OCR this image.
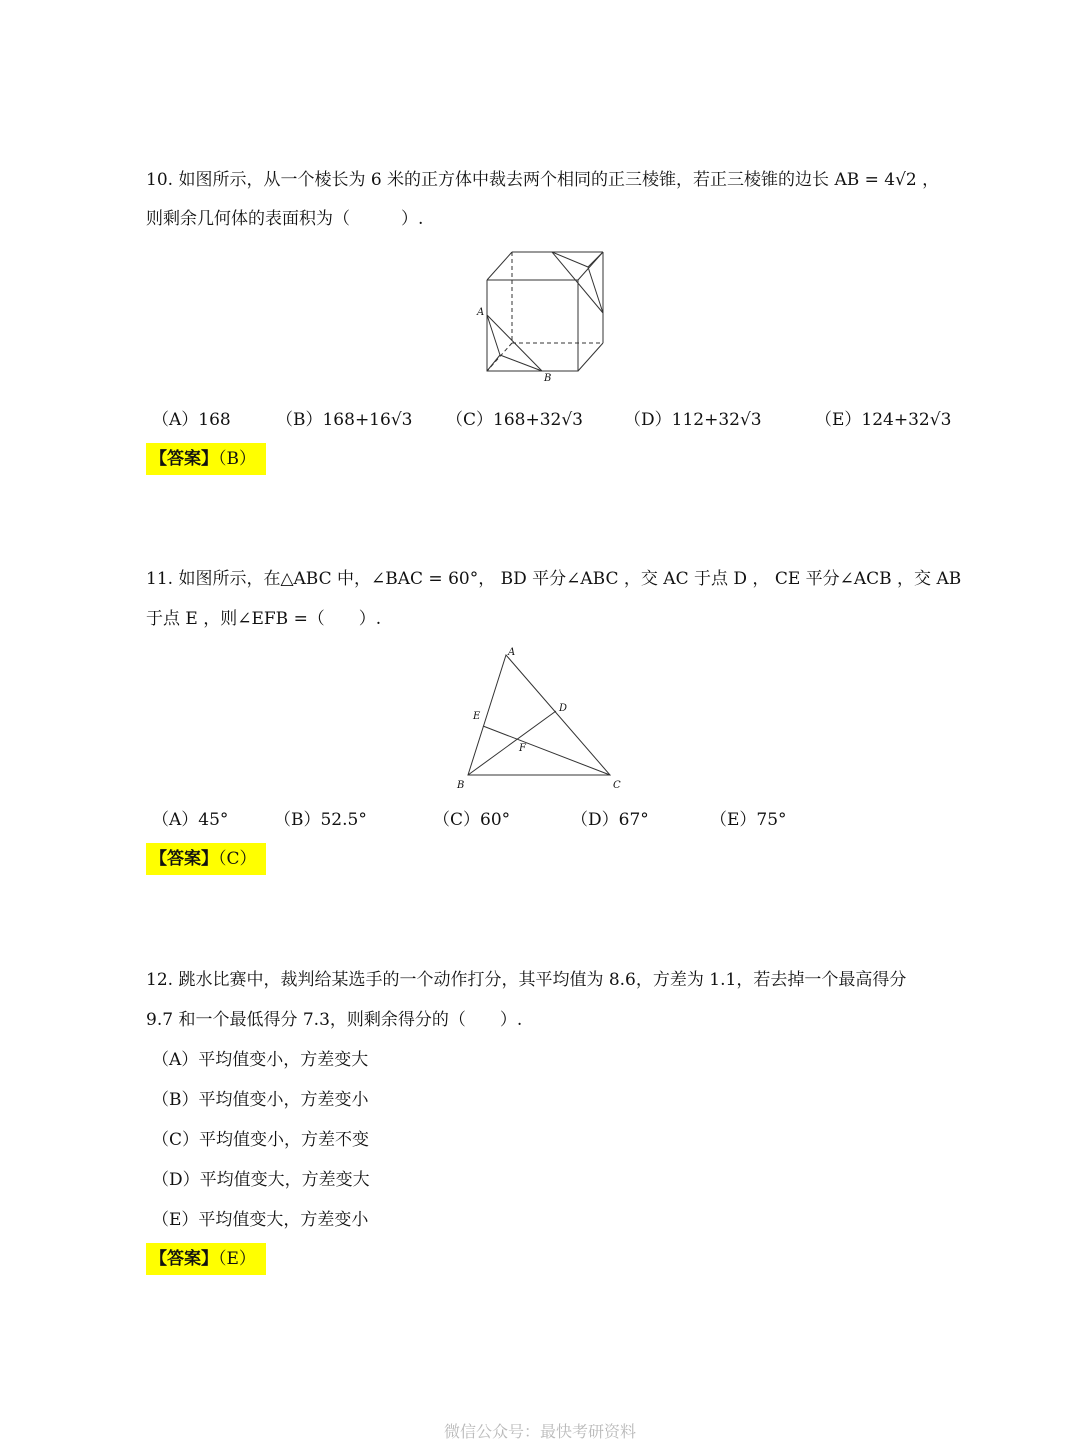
10. 如图所示，从一个棱长为 6 米的正方体中裁去两个相同的正三棱锥，若正三棱锥的边长 AB = 4√2 ，
则剩余几何体的表面积为（　　　）.
A
B
（A）168	（B）168+16√3 （C）168+32√3 （D）112+32√3	（E）124+32√3
【答案】（B）
11. 如图所示，在△ABC 中，∠BAC = 60°， BD 平分∠ABC ，交 AC 于点 D ， CE 平分∠ACB ，交 AB
于点 E ，则∠EFB =（　　）.
A
B	C
D
E
F
（A）45°	（B）52.5°	（C）60°	（D）67°	（E）75°
【答案】（C）
12. 跳水比赛中，裁判给某选手的一个动作打分，其平均值为 8.6，方差为 1.1，若去掉一个最高得分
9.7 和一个最低得分 7.3，则剩余得分的（　　）.
（A）平均值变小，方差变大
（B）平均值变小，方差变小
（C）平均值变小，方差不变
（D）平均值变大，方差变大
（E）平均值变大，方差变小
【答案】（E）
微信公众号：最快考研资料
